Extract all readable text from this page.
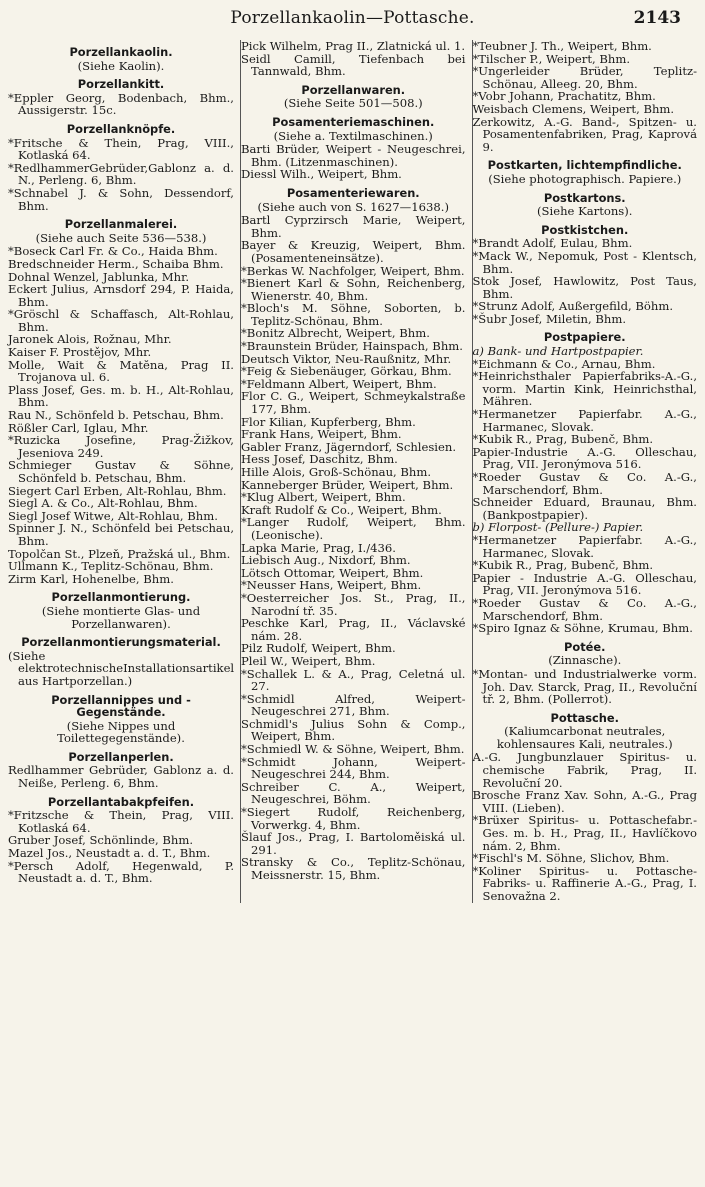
Porzellankaolin—Pottasche.	2143
Porzellankaolin.
(Siehe Kaolin).
Porzellankitt.
*Eppler Georg, Bodenbach, Bhm., Aussigerstr. 15c.
Porzellanknöpfe.
*Fritsche & Thein, Prag, VIII., Kotlaská 64.
*RedlhammerGebrüder,Gablonz a. d. N., Perleng. 6, Bhm.
*Schnabel J. & Sohn, Dessendorf, Bhm.
Porzellanmalerei.
(Siehe auch Seite 536—538.)
*Boseck Carl Fr. & Co., Haida Bhm.
Bredschneider Herm., Schaiba Bhm.
Dohnal Wenzel, Jablunka, Mhr.
Eckert Julius, Arnsdorf 294, P. Haida, Bhm.
*Gröschl & Schaffasch, Alt-Rohlau, Bhm.
Jaronek Alois, Rožnau, Mhr.
Kaiser F. Prostějov, Mhr.
Molle, Wait & Matĕna, Prag II. Trojanova ul. 6.
Plass Josef, Ges. m. b. H., Alt-Rohlau, Bhm.
Rau N., Schönfeld b. Petschau, Bhm.
Rößler Carl, Iglau, Mhr.
*Ruzicka Josefine, Prag-Žižkov, Jeseniova 249.
Schmieger Gustav & Söhne, Schönfeld b. Petschau, Bhm.
Siegert Carl Erben, Alt-Rohlau, Bhm.
Siegl A. & Co., Alt-Rohlau, Bhm.
Siegl Josef Witwe, Alt-Rohlau, Bhm.
Spinner J. N., Schönfeld bei Petschau, Bhm.
Topolčan St., Plzeň, Pražská ul., Bhm.
Ullmann K., Teplitz-Schönau, Bhm.
Zirm Karl, Hohenelbe, Bhm.
Porzellanmontierung.
(Siehe montierte Glas- und Porzellanwaren).
Porzellanmontierungsmaterial.
(Siehe elektrotechnischeInstallationsartikel aus Hartporzellan.)
Porzellannippes und -Gegenstände.
(Siehe Nippes und Toilettegegenstände).
Porzellanperlen.
Redlhammer Gebrüder, Gablonz a. d. Neiße, Perleng. 6, Bhm.
Porzellantabakpfeifen.
*Fritzsche & Thein, Prag, VIII. Kotlaská 64.
Gruber Josef, Schönlinde, Bhm.
Mazel Jos., Neustadt a. d. T., Bhm.
*Persch Adolf, Hegenwald, P. Neustadt a. d. T., Bhm.
Pick Wilhelm, Prag II., Zlatnická ul. 1.
Seidl Camill, Tiefenbach bei Tannwald, Bhm.
Porzellanwaren.
(Siehe Seite 501—508.)
Posamenteriemaschinen.
(Siehe a. Textilmaschinen.)
Barti Brüder, Weipert - Neugeschrei, Bhm. (Litzenmaschinen).
Diessl Wilh., Weipert, Bhm.
Posamenteriewaren.
(Siehe auch von S. 1627—1638.)
Bartl Cyprzirsch Marie, Weipert, Bhm.
Bayer & Kreuzig, Weipert, Bhm. (Posamenteneinsätze).
*Berkas W. Nachfolger, Weipert, Bhm.
*Bienert Karl & Sohn, Reichenberg, Wienerstr. 40, Bhm.
*Bloch's M. Söhne, Soborten, b. Teplitz-Schönau, Bhm.
*Bonitz Albrecht, Weipert, Bhm.
*Braunstein Brüder, Hainspach, Bhm.
Deutsch Viktor, Neu-Raußnitz, Mhr.
*Feig & Siebenäuger, Görkau, Bhm.
*Feldmann Albert, Weipert, Bhm.
Flor C. G., Weipert, Schmeykalstraße 177, Bhm.
Flor Kilian, Kupferberg, Bhm.
Frank Hans, Weipert, Bhm.
Gabler Franz, Jägerndorf, Schlesien.
Hess Josef, Daschitz, Bhm.
Hille Alois, Groß-Schönau, Bhm.
Kanneberger Brüder, Weipert, Bhm.
*Klug Albert, Weipert, Bhm.
Kraft Rudolf & Co., Weipert, Bhm.
*Langer Rudolf, Weipert, Bhm. (Leonische).
Lapka Marie, Prag, I./436.
Liebisch Aug., Nixdorf, Bhm.
Lötsch Ottomar, Weipert, Bhm.
*Neusser Hans, Weipert, Bhm.
*Oesterreicher Jos. St., Prag, II., Narodní tř. 35.
Peschke Karl, Prag, II., Václavské nám. 28.
Pilz Rudolf, Weipert, Bhm.
Pleil W., Weipert, Bhm.
*Schallek L. & A., Prag, Celetná ul. 27.
*Schmidl Alfred, Weipert-Neugeschrei 271, Bhm.
Schmidl's Julius Sohn & Comp., Weipert, Bhm.
*Schmiedl W. & Söhne, Weipert, Bhm.
*Schmidt Johann, Weipert-Neugeschrei 244, Bhm.
Schreiber C. A., Weipert, Neugeschrei, Böhm.
*Siegert Rudolf, Reichenberg, Vorwerkg. 4, Bhm.
Šlauf Jos., Prag, I. Bartoloměiská ul. 291.
Stransky & Co., Teplitz-Schönau, Meissnerstr. 15, Bhm.
*Teubner J. Th., Weipert, Bhm.
*Tilscher P., Weipert, Bhm.
*Ungerleider Brüder, Teplitz-Schönau, Alleeg. 20, Bhm.
*Vobr Johann, Prachatitz, Bhm.
Weisbach Clemens, Weipert, Bhm.
Zerkowitz, A.-G. Band-, Spitzen- u. Posamentenfabriken, Prag, Kaprová 9.
Postkarten, lichtempfindliche.
(Siehe photographisch. Papiere.)
Postkartons.
(Siehe Kartons).
Postkistchen.
*Brandt Adolf, Eulau, Bhm.
*Mack W., Nepomuk, Post - Klentsch, Bhm.
Stok Josef, Hawlowitz, Post Taus, Bhm.
*Strunz Adolf, Außergefild, Böhm.
*Šubr Josef, Miletin, Bhm.
Postpapiere.
a) Bank- und Hartpostpapier.
*Eichmann & Co., Arnau, Bhm.
*Heinrichsthaler Papierfabriks-A.-G., vorm. Martin Kink, Heinrichsthal, Mähren.
*Hermanetzer Papierfabr. A.-G., Harmanec, Slovak.
*Kubik R., Prag, Bubenč, Bhm.
Papier-Industrie A.-G. Olleschau, Prag, VII. Jeronýmova 516.
*Roeder Gustav & Co. A.-G., Marschendorf, Bhm.
Schneider Eduard, Braunau, Bhm. (Bankpostpapier).
b) Florpost- (Pellure-) Papier.
*Hermanetzer Papierfabr. A.-G., Harmanec, Slovak.
*Kubik R., Prag, Bubenč, Bhm.
Papier - Industrie A.-G. Olleschau, Prag, VII. Jeronýmova 516.
*Roeder Gustav & Co. A.-G., Marschendorf, Bhm.
*Spiro Ignaz & Söhne, Krumau, Bhm.
Potée.
(Zinnasche).
*Montan- und Industrialwerke vorm. Joh. Dav. Starck, Prag, II., Revoluční tř. 2, Bhm. (Pollerrot).
Pottasche.
(Kaliumcarbonat neutrales, kohlensaures Kali, neutrales.)
A.-G. Jungbunzlauer Spiritus- u. chemische Fabrik, Prag, II. Revoluční 20.
Brosche Franz Xav. Sohn, A.-G., Prag VIII. (Lieben).
*Brüxer Spiritus- u. Pottaschefabr.-Ges. m. b. H., Prag, II., Havlíčkovo nám. 2, Bhm.
*Fischl's M. Söhne, Slichov, Bhm.
*Koliner Spiritus- u. Pottasche-Fabriks- u. Raffinerie A.-G., Prag, I. Senovažna 2.
